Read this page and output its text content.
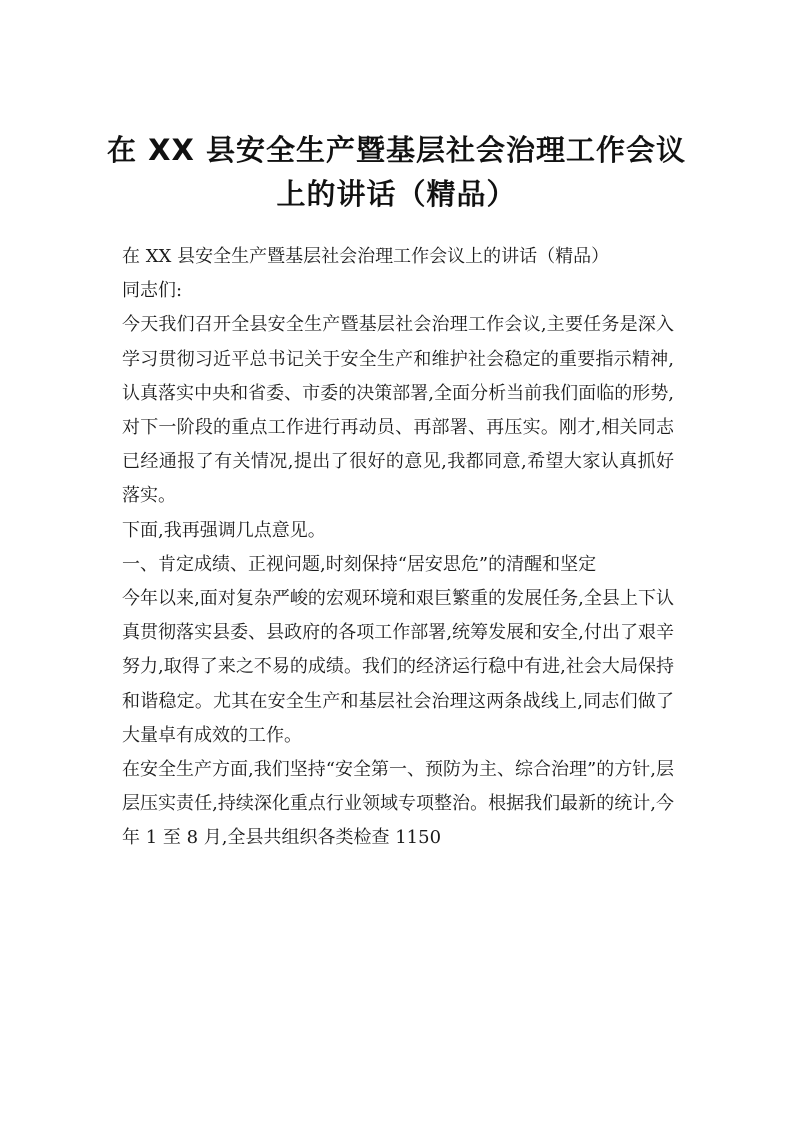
在 XX 县安全生产暨基层社会治理工作会议
上的讲话（精品）

在 XX 县安全生产暨基层社会治理工作会议上的讲话（精品）

同志们:

今天我们召开全县安全生产暨基层社会治理工作会议,主要任务是深入学习贯彻习近平总书记关于安全生产和维护社会稳定的重要指示精神,认真落实中央和省委、市委的决策部署,全面分析当前我们面临的形势,对下一阶段的重点工作进行再动员、再部署、再压实。刚才,相关同志已经通报了有关情况,提出了很好的意见,我都同意,希望大家认真抓好落实。

下面,我再强调几点意见。

一、肯定成绩、正视问题,时刻保持“居安思危”的清醒和坚定

今年以来,面对复杂严峻的宏观环境和艰巨繁重的发展任务,全县上下认真贯彻落实县委、县政府的各项工作部署,统筹发展和安全,付出了艰辛努力,取得了来之不易的成绩。我们的经济运行稳中有进,社会大局保持和谐稳定。尤其在安全生产和基层社会治理这两条战线上,同志们做了大量卓有成效的工作。

在安全生产方面,我们坚持“安全第一、预防为主、综合治理”的方针,层层压实责任,持续深化重点行业领域专项整治。根据我们最新的统计,今年 1 至 8 月,全县共组织各类检查 1150
